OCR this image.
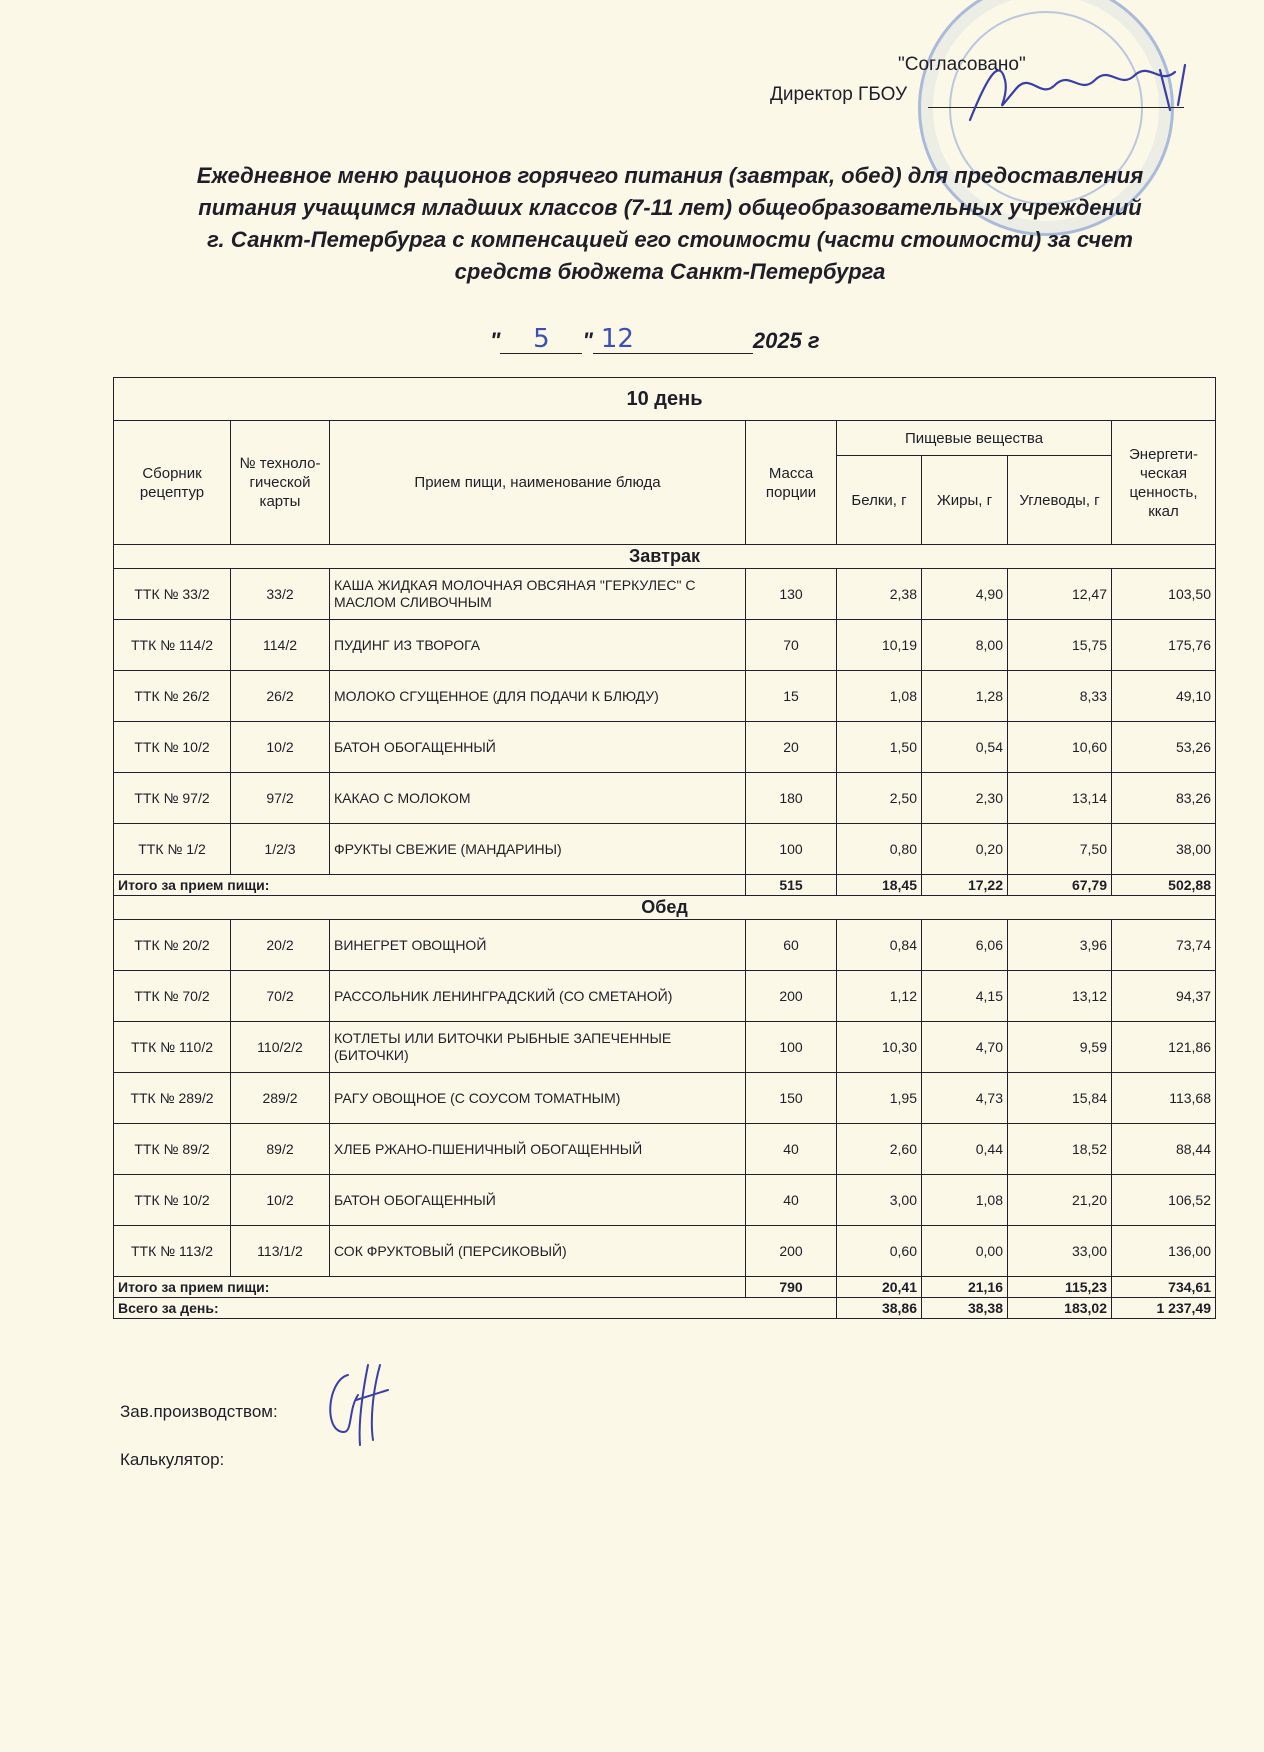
"Согласовано"
Директор ГБОУ
Ежедневное меню рационов горячего питания (завтрак, обед) для предоставления
питания учащимся младших классов (7-11 лет) общеобразовательных учреждений
г. Санкт-Петербурга с компенсацией его стоимости (части стоимости) за счет
средств бюджета Санкт-Петербурга
"	5	" 12	2025 г
10 день							
Сборник рецептур	№ техноло-гической карты	Прием пищи, наименование блюда	Масса порции	Пищевые вещества			Энергети-ческая ценность, ккал
				Белки, г	Жиры, г	Углеводы, г	
Завтрак							
ТТК № 33/2	33/2	КАША ЖИДКАЯ МОЛОЧНАЯ ОВСЯНАЯ "ГЕРКУЛЕС" С МАСЛОМ СЛИВОЧНЫМ	130	2,38	4,90	12,47	103,50
ТТК № 114/2	114/2	ПУДИНГ ИЗ ТВОРОГА	70	10,19	8,00	15,75	175,76
ТТК № 26/2	26/2	МОЛОКО СГУЩЕННОЕ (ДЛЯ ПОДАЧИ К БЛЮДУ)	15	1,08	1,28	8,33	49,10
ТТК № 10/2	10/2	БАТОН ОБОГАЩЕННЫЙ	20	1,50	0,54	10,60	53,26
ТТК № 97/2	97/2	КАКАО С МОЛОКОМ	180	2,50	2,30	13,14	83,26
ТТК № 1/2	1/2/3	ФРУКТЫ СВЕЖИЕ (МАНДАРИНЫ)	100	0,80	0,20	7,50	38,00
Итого за прием пищи:			515	18,45	17,22	67,79	502,88
Обед							
ТТК № 20/2	20/2	ВИНЕГРЕТ ОВОЩНОЙ	60	0,84	6,06	3,96	73,74
ТТК № 70/2	70/2	РАССОЛЬНИК ЛЕНИНГРАДСКИЙ (СО СМЕТАНОЙ)	200	1,12	4,15	13,12	94,37
ТТК № 110/2	110/2/2	КОТЛЕТЫ ИЛИ БИТОЧКИ РЫБНЫЕ ЗАПЕЧЕННЫЕ (БИТОЧКИ)	100	10,30	4,70	9,59	121,86
ТТК № 289/2	289/2	РАГУ ОВОЩНОЕ (С СОУСОМ ТОМАТНЫМ)	150	1,95	4,73	15,84	113,68
ТТК № 89/2	89/2	ХЛЕБ РЖАНО-ПШЕНИЧНЫЙ ОБОГАЩЕННЫЙ	40	2,60	0,44	18,52	88,44
ТТК № 10/2	10/2	БАТОН ОБОГАЩЕННЫЙ	40	3,00	1,08	21,20	106,52
ТТК № 113/2	113/1/2	СОК ФРУКТОВЫЙ (ПЕРСИКОВЫЙ)	200	0,60	0,00	33,00	136,00
Итого за прием пищи:			790	20,41	21,16	115,23	734,61
Всего за день:				38,86	38,38	183,02	1 237,49
Зав.производством:
Калькулятор:
